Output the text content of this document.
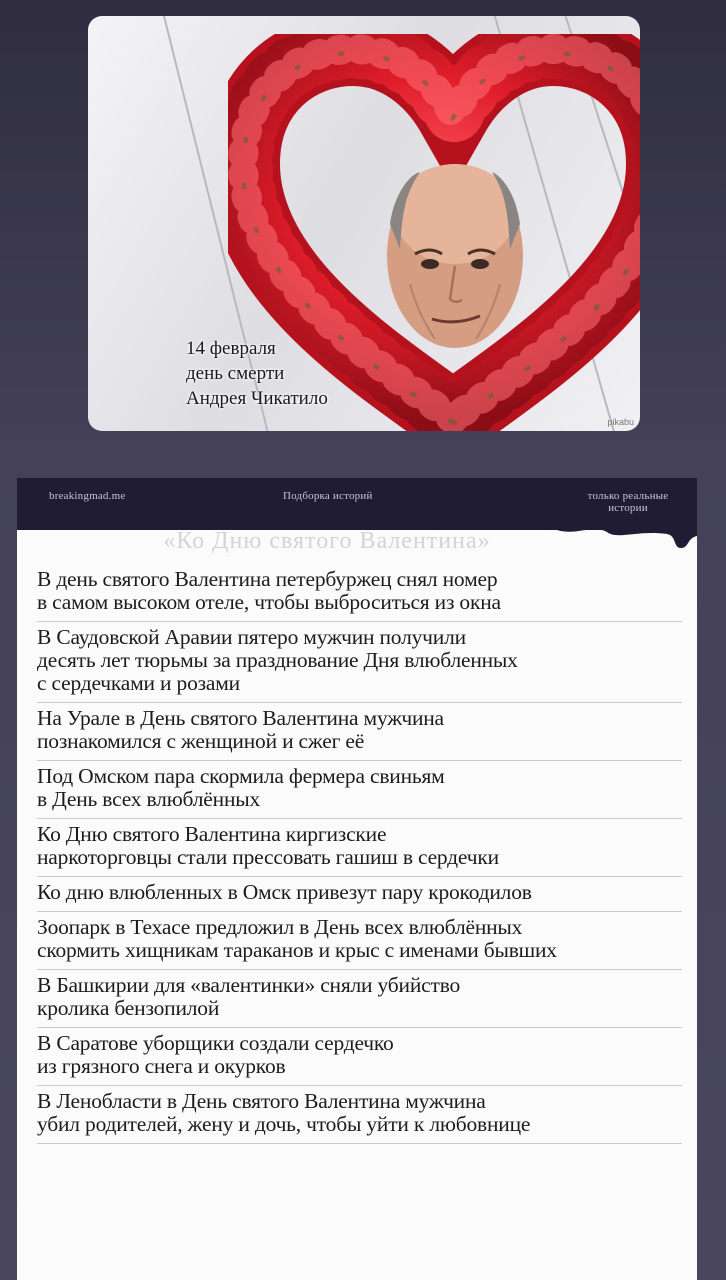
14 февраля
день смерти
Андрея Чикатило
pikabu
breakingmad.me	Подборка историй	только реальные истории
«Ко Дню святого Валентина»
В день святого Валентина петербуржец снял номер
в самом высоком отеле, чтобы выброситься из окна
В Саудовской Аравии пятеро мужчин получили
десять лет тюрьмы за празднование Дня влюбленных
с сердечками и розами
На Урале в День святого Валентина мужчина
познакомился с женщиной и сжег её
Под Омском пара скормила фермера свиньям
в День всех влюблённых
Ко Дню святого Валентина киргизские
наркоторговцы стали прессовать гашиш в сердечки
Ко дню влюбленных в Омск привезут пару крокодилов
Зоопарк в Техасе предложил в День всех влюблённых
скормить хищникам тараканов и крыс с именами бывших
В Башкирии для «валентинки» сняли убийство
кролика бензопилой
В Саратове уборщики создали сердечко
из грязного снега и окурков
В Ленобласти в День святого Валентина мужчина
убил родителей, жену и дочь, чтобы уйти к любовнице
